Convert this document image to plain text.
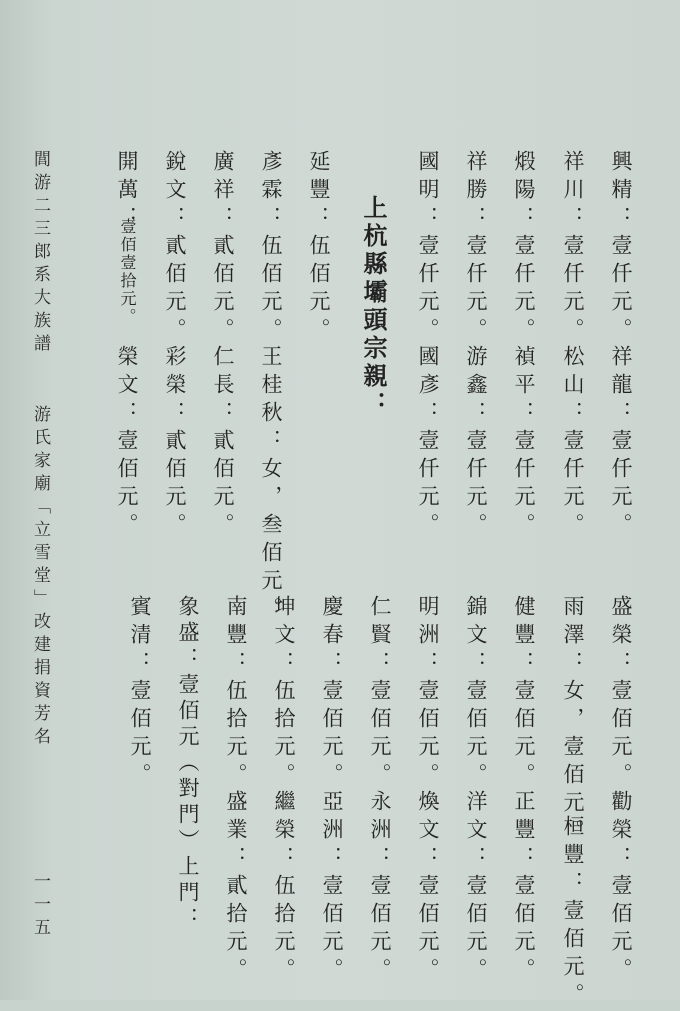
興精：壹仟元。
祥龍：壹仟元。
祥川：壹仟元。
松山：壹仟元。
煅陽：壹仟元。
禎平：壹仟元。
祥勝：壹仟元。
游鑫：壹仟元。
國明：壹仟元。
國彥：壹仟元。
上杭縣壩頭宗親：
延豐：伍佰元。
彥霖：伍佰元。
王桂秋：女，叁佰元。
廣祥：貳佰元。
仁長：貳佰元。
銳文：貳佰元。
彩榮：貳佰元。
開萬：
壹佰壹拾元。
榮文：壹佰元。
盛榮：壹佰元。
勸榮：壹佰元。
雨澤：女，壹佰元。
桓豐：壹佰元。
健豐：壹佰元。
正豐：壹佰元。
錦文：壹佰元。
洋文：壹佰元。
明洲：壹佰元。
煥文：壹佰元。
仁賢：壹佰元。
永洲：壹佰元。
慶春：壹佰元。
亞洲：壹佰元。
坤文：伍拾元。
繼榮：伍拾元。
南豐：伍拾元。
盛業：貳拾元。
象盛：壹佰元（對門）上門：
賓清：壹佰元。
閭游二三郎系大族譜
游氏家廟「立雪堂」改建捐資芳名
一一五
